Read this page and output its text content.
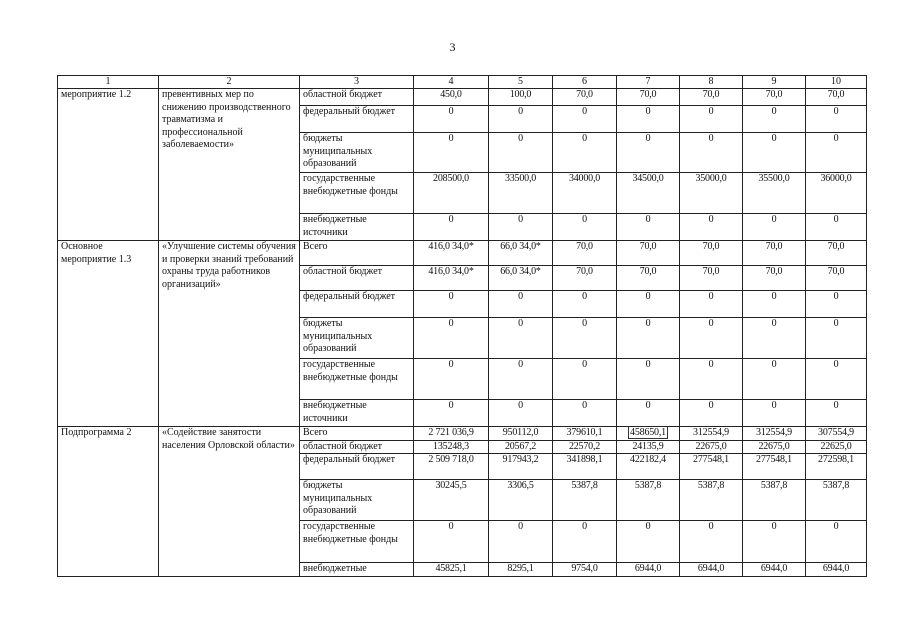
3
1	2	3	4	5	6	7	8	9	10
мероприятие 1.2	превентивных мер по снижению производственного травматизма и профессиональной заболеваемости»	областной бюджет	450,0	100,0	70,0	70,0	70,0	70,0	70,0
		федеральный бюджет	0	0	0	0	0	0	0
		бюджеты муниципальных образований	0	0	0	0	0	0	0
		государственные внебюджетные фонды	208500,0	33500,0	34000,0	34500,0	35000,0	35500,0	36000,0
		внебюджетные источники	0	0	0	0	0	0	0
Основное мероприятие 1.3	«Улучшение системы обучения и проверки знаний требований охраны труда работников организаций»	Всего	416,0 34,0*	66,0 34,0*	70,0	70,0	70,0	70,0	70,0
		областной бюджет	416,0 34,0*	66,0 34,0*	70,0	70,0	70,0	70,0	70,0
		федеральный бюджет	0	0	0	0	0	0	0
		бюджеты муниципальных образований	0	0	0	0	0	0	0
		государственные внебюджетные фонды	0	0	0	0	0	0	0
		внебюджетные источники	0	0	0	0	0	0	0
Подпрограмма 2	«Содействие занятости населения Орловской области»	Всего	2 721 036,9	950112,0	379610,1	458650,1	312554,9	312554,9	307554,9
		областной бюджет	135248,3	20567,2	22570,2	24135,9	22675,0	22675,0	22625,0
		федеральный бюджет	2 509 718,0	917943,2	341898,1	422182,4	277548,1	277548,1	272598,1
		бюджеты муниципальных образований	30245,5	3306,5	5387,8	5387,8	5387,8	5387,8	5387,8
		государственные внебюджетные фонды	0	0	0	0	0	0	0
		внебюджетные	45825,1	8295,1	9754,0	6944,0	6944,0	6944,0	6944,0
